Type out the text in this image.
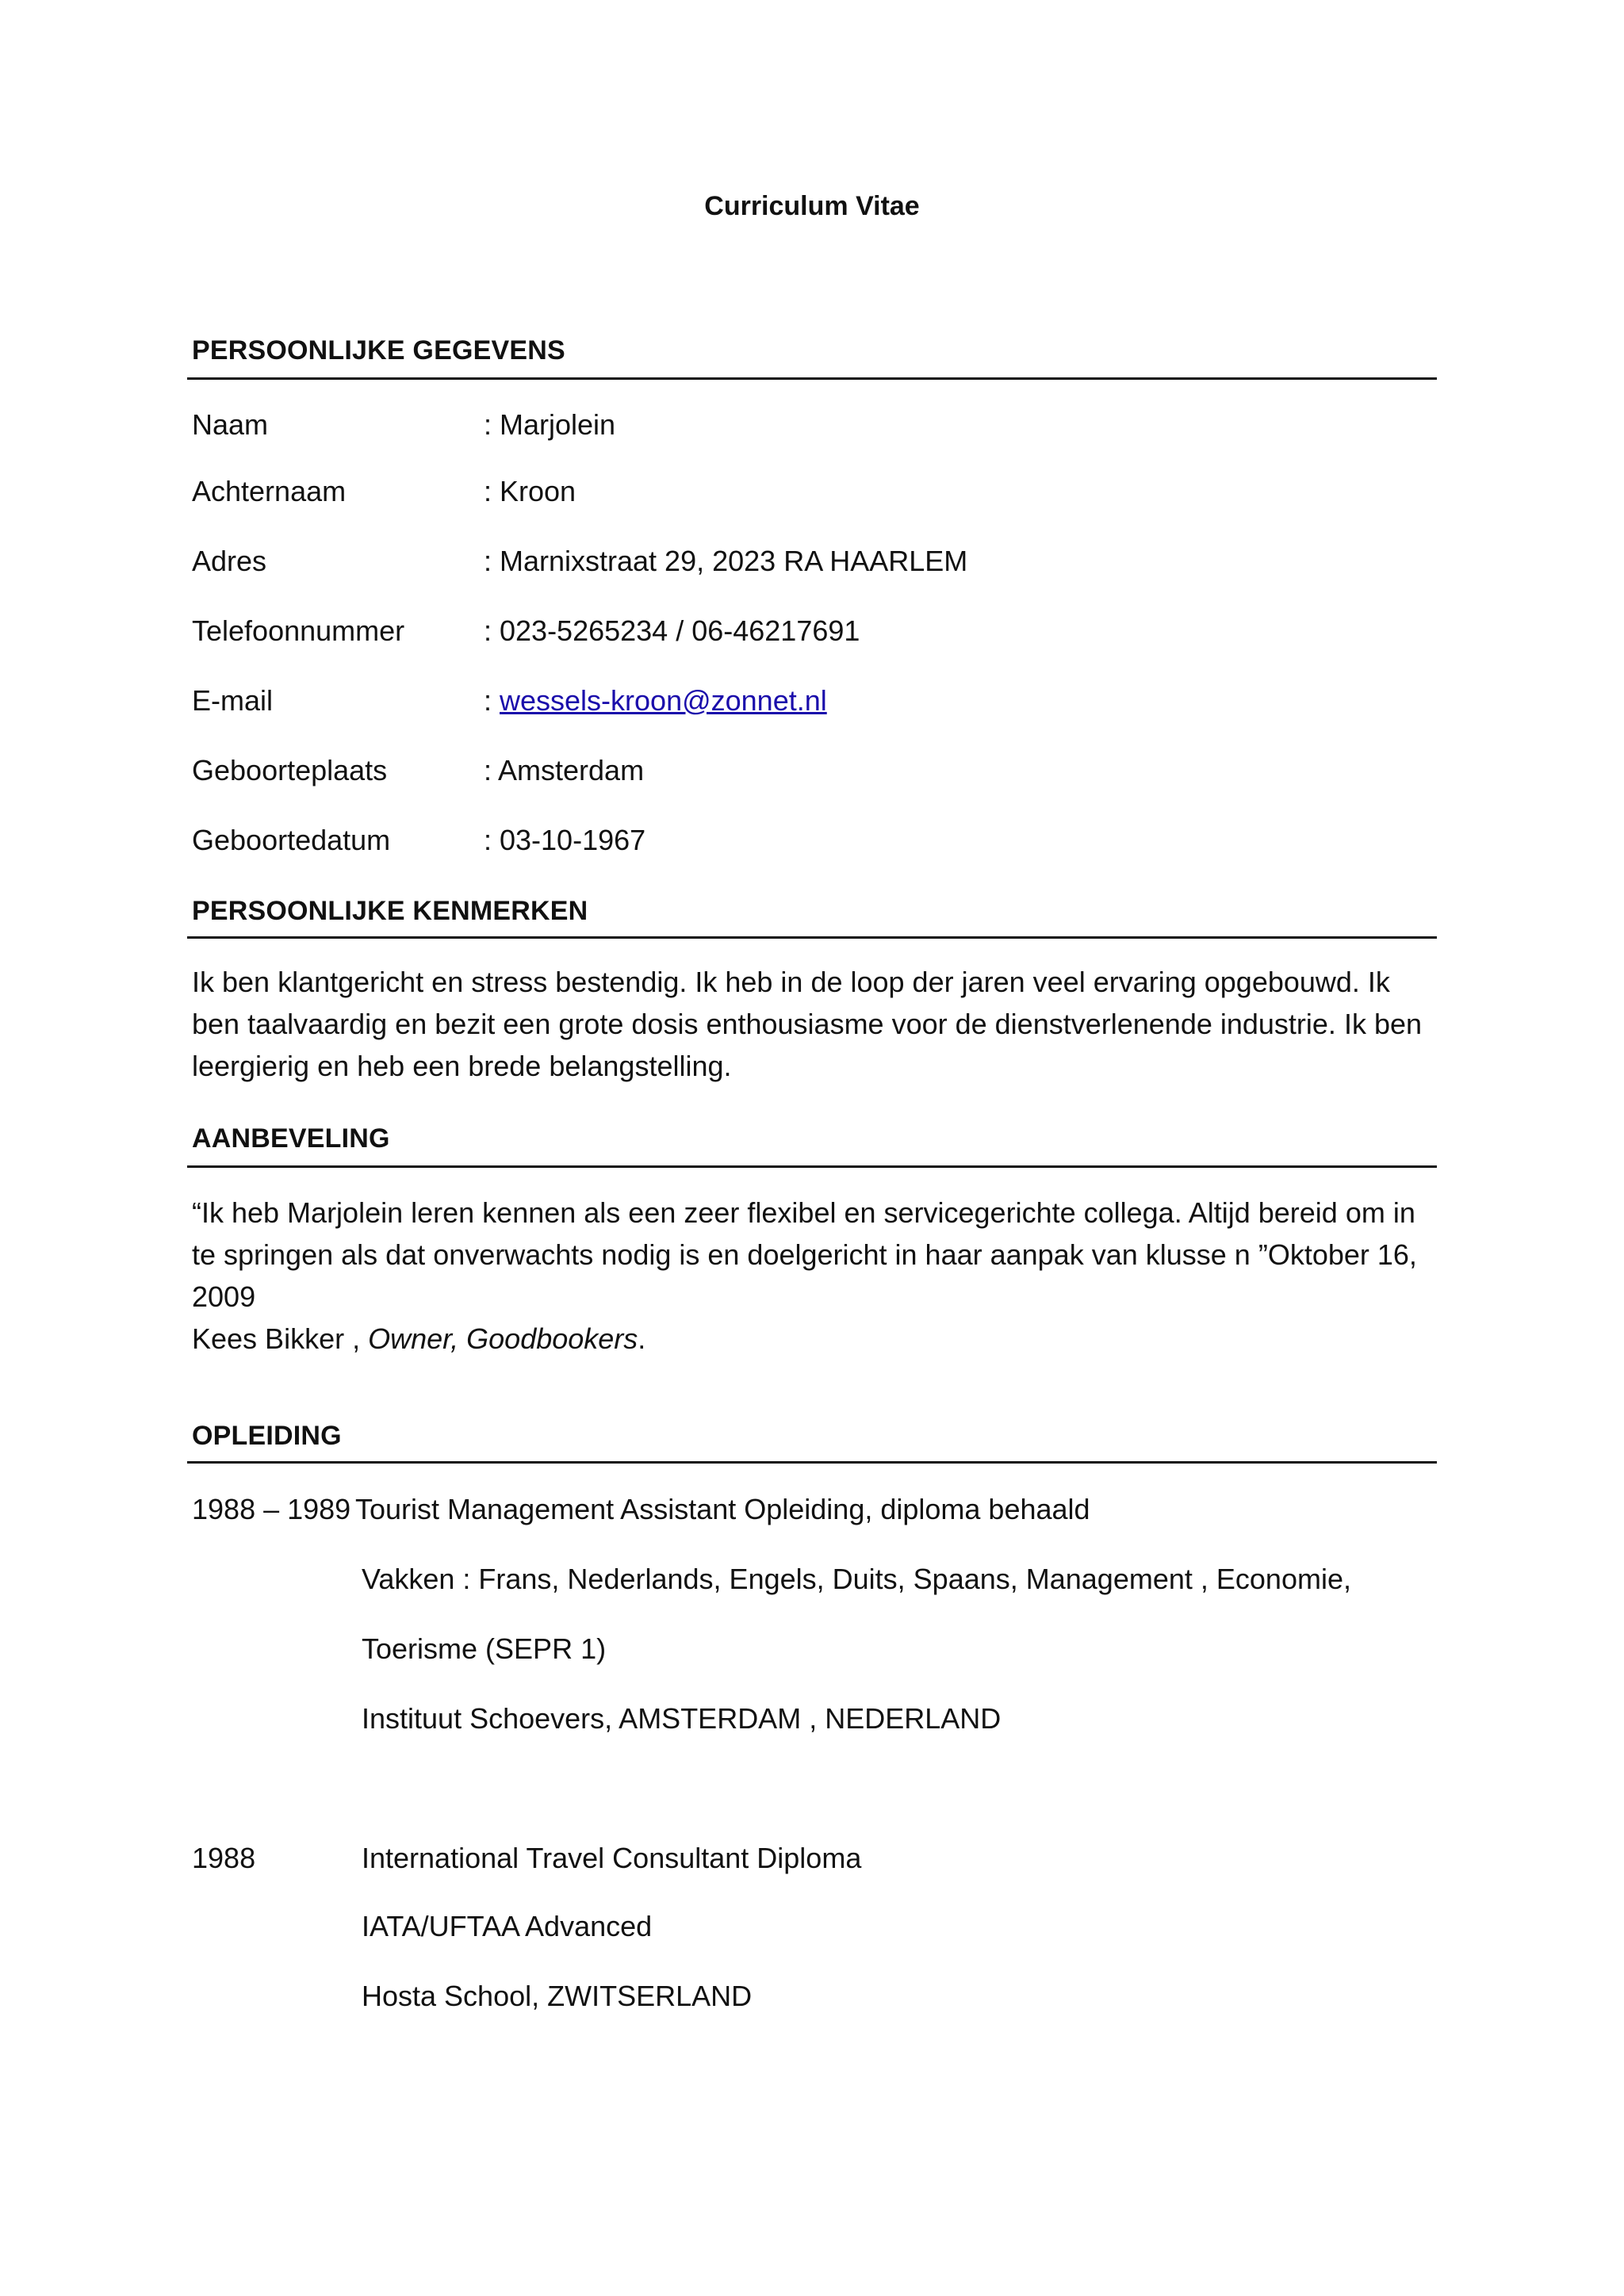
Curriculum Vitae
PERSOONLIJKE GEGEVENS
Naam	: Marjolein
Achternaam	: Kroon
Adres	: Marnixstraat 29, 2023 RA HAARLEM
Telefoonnummer	: 023-5265234 / 06-46217691
E-mail	: wessels-kroon@zonnet.nl
Geboorteplaats	: Amsterdam
Geboortedatum	: 03-10-1967
PERSOONLIJKE KENMERKEN
Ik ben klantgericht en stress bestendig. Ik heb in de loop der jaren veel ervaring opgebouwd. Ik ben taalvaardig en bezit een grote dosis enthousiasme voor de dienstverlenende industrie. Ik ben leergierig en heb een brede belangstelling.
AANBEVELING
“Ik heb Marjolein leren kennen als een zeer flexibel en servicegerichte collega. Altijd bereid om in te springen als dat onverwachts nodig is en doelgericht in haar aanpak van klusse n ”Oktober 16, 2009
Kees Bikker , Owner, Goodbookers.
OPLEIDING
1988 – 1989 Tourist Management Assistant Opleiding, diploma behaald
Vakken : Frans, Nederlands, Engels, Duits, Spaans, Management , Economie,
Toerisme (SEPR 1)
Instituut Schoevers, AMSTERDAM , NEDERLAND
1988	International Travel Consultant Diploma
IATA/UFTAA Advanced
Hosta School, ZWITSERLAND
